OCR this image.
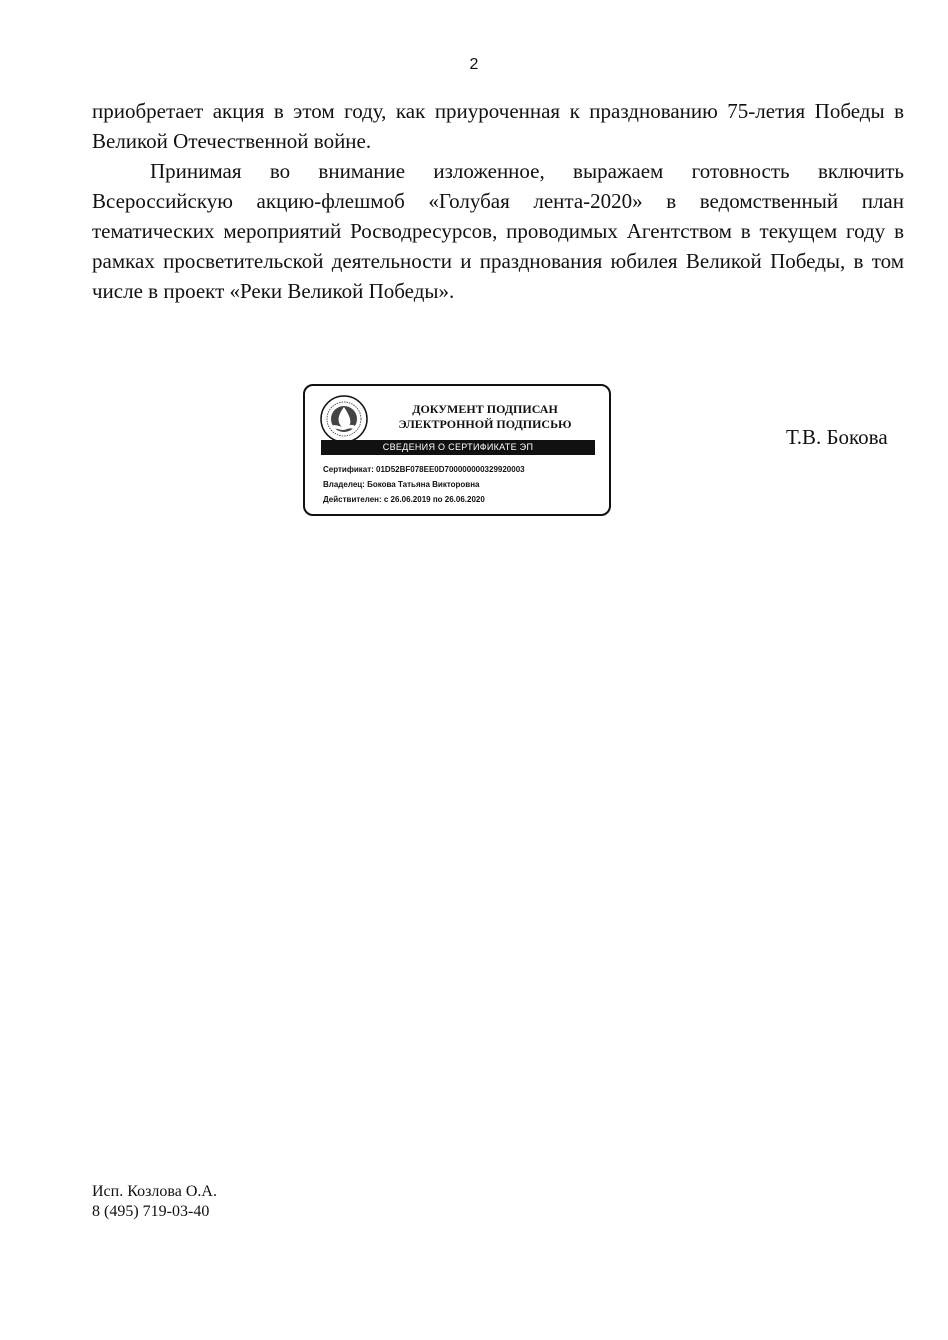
2

приобретает акция в этом году, как приуроченная к празднованию 75-летия Победы в Великой Отечественной войне.

Принимая во внимание изложенное, выражаем готовность включить Всероссийскую акцию-флешмоб «Голубая лента-2020» в ведомственный план тематических мероприятий Росводресурсов, проводимых Агентством в текущем году в рамках просветительской деятельности и празднования юбилея Великой Победы, в том числе в проект «Реки Великой Победы».

ДОКУМЕНТ ПОДПИСАН
ЭЛЕКТРОННОЙ ПОДПИСЬЮ
СВЕДЕНИЯ О СЕРТИФИКАТЕ ЭП
Сертификат: 01D52BF078EE0D700000000329920003
Владелец: Бокова Татьяна Викторовна
Действителен: с 26.06.2019 по 26.06.2020
Т.В. Бокова
Исп. Козлова О.А.
8 (495) 719-03-40
